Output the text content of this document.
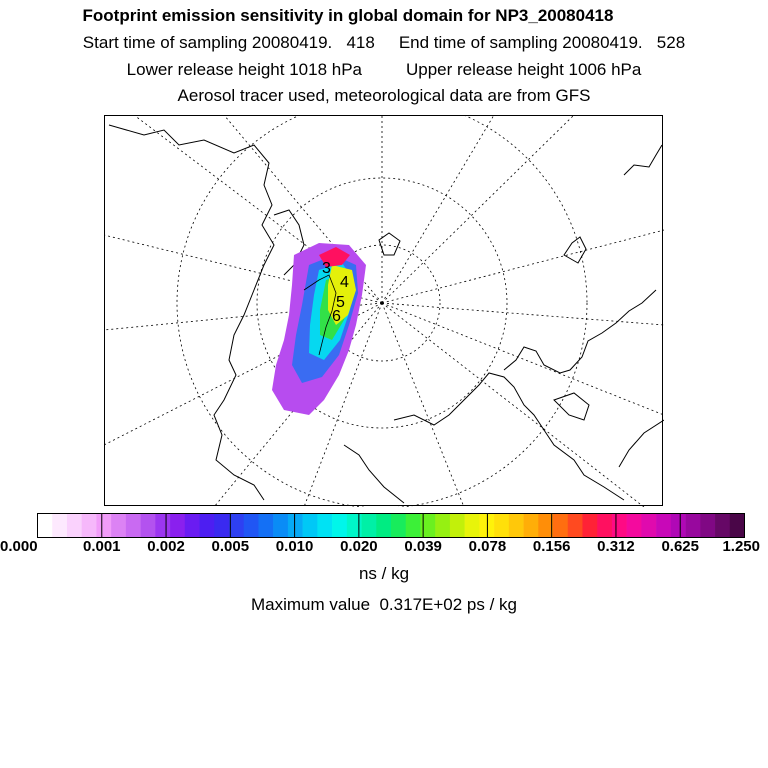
Footprint emission sensitivity in global domain for NP3_20080418
Start time of sampling 20080419.   418 End time of sampling 20080419.   528
Lower release height 1018 hPa	Upper release height 1006 hPa
Aerosol tracer used, meteorological data are from GFS
3
4
5
6
0.000	0.001 0.002 0.005 0.010 0.020 0.039 0.078 0.156 0.312 0.625 1.250
ns / kg
Maximum value  0.317E+02 ps / kg
